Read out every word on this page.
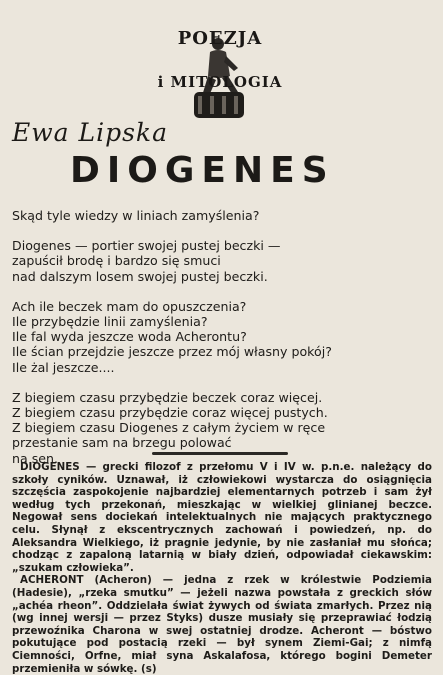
POEZJA
i MITOLOGIA
Ewa Lipska
DIOGENES
Skąd tyle wiedzy w liniach zamyślenia?
Diogenes — portier swojej pustej beczki —
zapuścił brodę i bardzo się smuci
nad dalszym losem swojej pustej beczki.
Ach ile beczek mam do opuszczenia?
Ile przybędzie linii zamyślenia?
Ile fal wyda jeszcze woda Acherontu?
Ile ścian przejdzie jeszcze przez mój własny pokój?
Ile żal jeszcze....
Z biegiem czasu przybędzie beczek coraz więcej.
Z biegiem czasu przybędzie coraz więcej pustych.
Z biegiem czasu Diogenes z całym życiem w ręce
przestanie sam na brzegu polować
na sen.

DIOGENES — grecki filozof z przełomu V i IV w. p.n.e. należący do szkoły cyników. Uznawał, iż człowiekowi wystarcza do osiągnięcia szczęścia zaspokojenie najbardziej elementarnych potrzeb i sam żył według tych przekonań, mieszkając w wielkiej glinianej beczce. Negował sens dociekań intelektualnych nie mających praktycznego celu. Słynął z ekscentrycznych zachowań i powiedzeń, np. do Aleksandra Wielkiego, iż pragnie jedynie, by nie zasłaniał mu słońca; chodząc z zapaloną latarnią w biały dzień, odpowiadał ciekawskim: „szukam człowieka”.

ACHERONT (Acheron) — jedna z rzek w królestwie Podziemia (Hadesie), „rzeka smutku” — jeżeli nazwa powstała z greckich słów „achéa rheon”. Oddzielała świat żywych od świata zmarłych. Przez nią (wg innej wersji — przez Styks) dusze musiały się przeprawiać łodzią przewoźnika Charona w swej ostatniej drodze. Acheront — bóstwo pokutujące pod postacią rzeki — był synem Ziemi-Gai; z nimfą Ciemności, Orfne, miał syna Askalafosa, którego bogini Demeter przemieniła w sówkę. (s)
